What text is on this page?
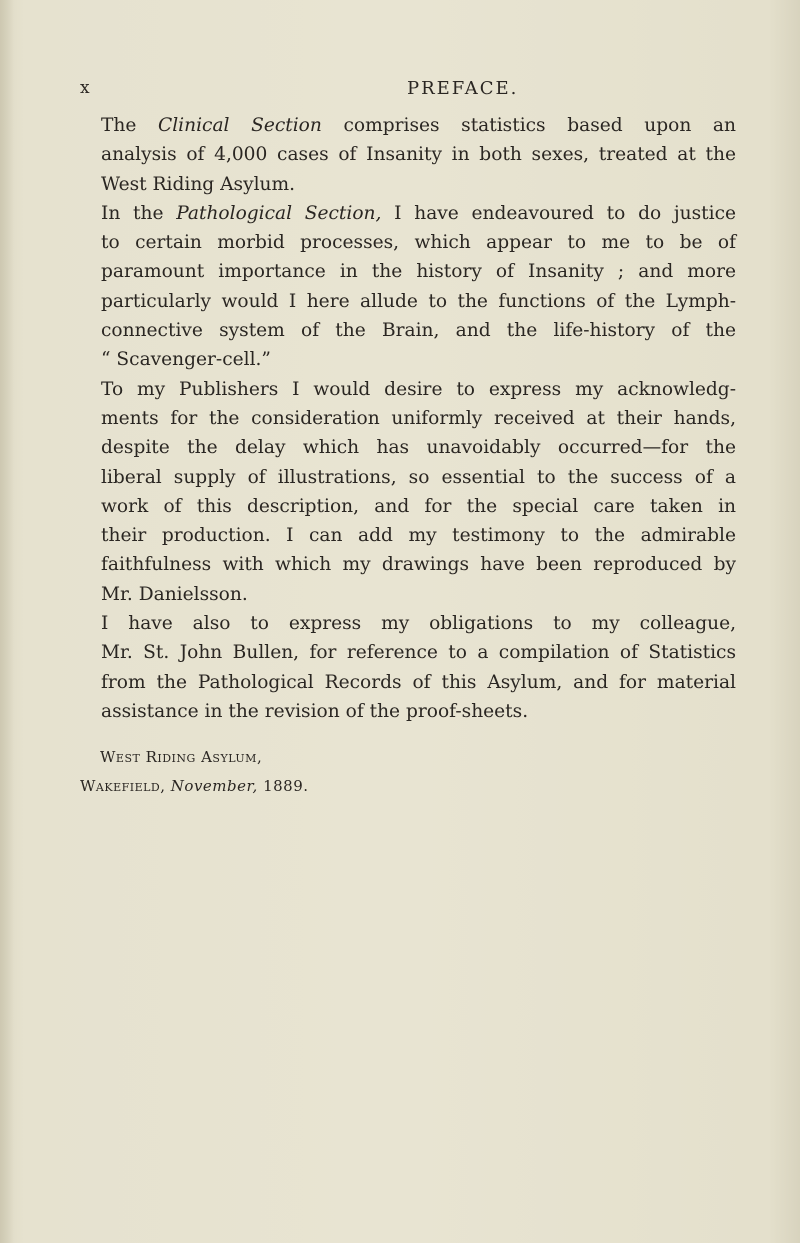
x	PREFACE.

The Clinical Section comprises statistics based upon an
analysis of 4,000 cases of Insanity in both sexes, treated at the
West Riding Asylum.

In the Pathological Section, I have endeavoured to do justice
to certain morbid processes, which appear to me to be of
paramount importance in the history of Insanity ; and more
particularly would I here allude to the functions of the Lymph-
connective system of the Brain, and the life-history of the
“ Scavenger-cell.”

To my Publishers I would desire to express my acknowledg-
ments for the consideration uniformly received at their hands,
despite the delay which has unavoidably occurred—for the
liberal supply of illustrations, so essential to the success of a
work of this description, and for the special care taken in
their production. I can add my testimony to the admirable
faithfulness with which my drawings have been reproduced by
Mr. Danielsson.

I have also to express my obligations to my colleague,
Mr. St. John Bullen, for reference to a compilation of Statistics
from the Pathological Records of this Asylum, and for material
assistance in the revision of the proof-sheets.

West Riding Asylum,
Wakefield, November, 1889.
